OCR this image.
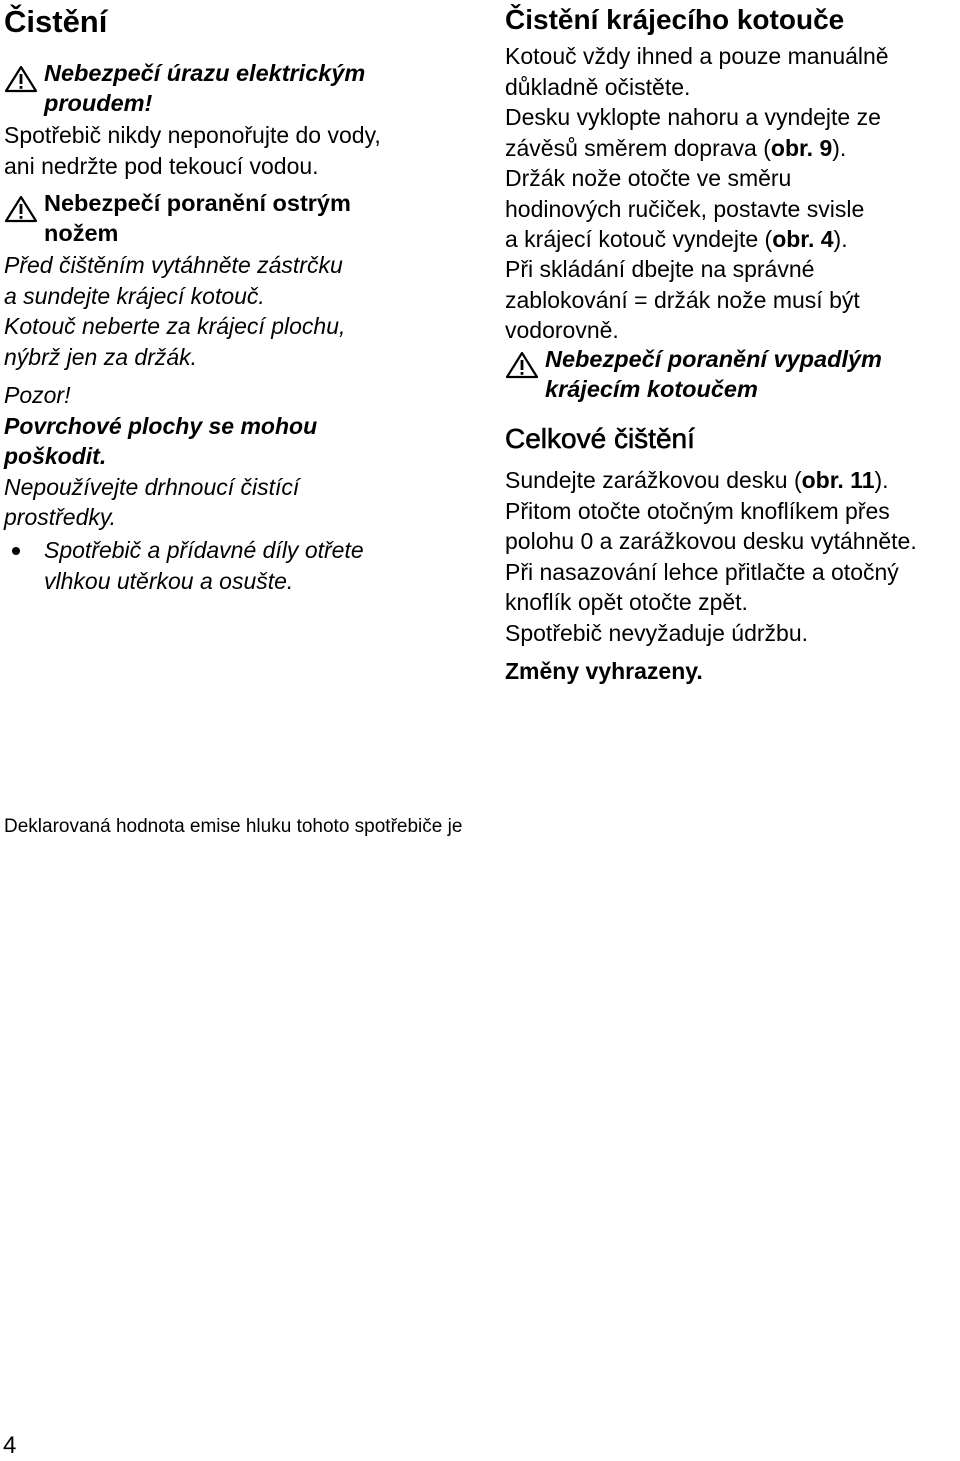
Čistění
Nebezpečí úrazu elektrickým
proudem!
Spotřebič nikdy neponořujte do vody,
ani nedržte pod tekoucí vodou.
Nebezpečí poranění ostrým
nožem
Před čištěním vytáhněte zástrčku
a sundejte krájecí kotouč.
Kotouč neberte za krájecí plochu,
nýbrž jen za držák.
Pozor!
Povrchové plochy se mohou
poškodit.
Nepoužívejte drhnoucí čistící
prostředky.
Spotřebič a přídavné díly otřete
vlhkou utěrkou a osušte.
Čistění krájecího kotouče
Kotouč vždy ihned a pouze manuálně
důkladně očistěte.
Desku vyklopte nahoru a vyndejte ze
závěsů směrem doprava (obr. 9).
Držák nože otočte ve směru
hodinových ručiček, postavte svisle
a krájecí kotouč vyndejte (obr. 4).
Při skládání dbejte na správné
zablokování = držák nože musí být
vodorovně.
Nebezpečí poranění vypadlým
krájecím kotoučem
Celkové čištění
Sundejte zarážkovou desku (obr. 11).
Přitom otočte otočným knoflíkem přes
polohu 0 a zarážkovou desku vytáhněte.
Při nasazování lehce přitlačte a otočný
knoflík opět otočte zpět.
Spotřebič nevyžaduje údržbu.
Změny vyhrazeny.
Deklarovaná hodnota emise hluku tohoto spotřebiče je
4
